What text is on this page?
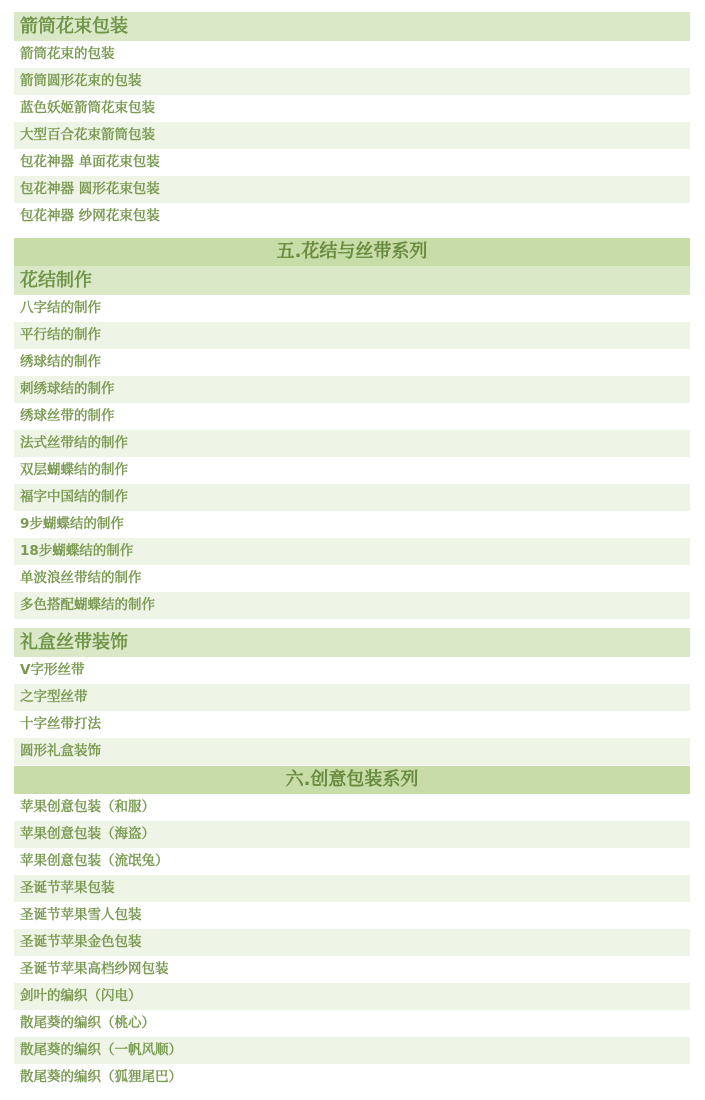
箭筒花束包装
箭筒花束的包装
箭筒圆形花束的包装
蓝色妖姬箭筒花束包装
大型百合花束箭筒包装
包花神器 单面花束包装
包花神器 圆形花束包装
包花神器 纱网花束包装
五.花结与丝带系列
花结制作
八字结的制作
平行结的制作
绣球结的制作
刺绣球结的制作
绣球丝带的制作
法式丝带结的制作
双层蝴蝶结的制作
福字中国结的制作
9步蝴蝶结的制作
18步蝴蝶结的制作
单波浪丝带结的制作
多色搭配蝴蝶结的制作
礼盒丝带装饰
V字形丝带
之字型丝带
十字丝带打法
圆形礼盒装饰
六.创意包装系列
苹果创意包装（和服）
苹果创意包装（海盗）
苹果创意包装（流氓兔）
圣诞节苹果包装
圣诞节苹果雪人包装
圣诞节苹果金色包装
圣诞节苹果高档纱网包装
剑叶的编织（闪电）
散尾葵的编织（桃心）
散尾葵的编织（一帆风顺）
散尾葵的编织（狐狸尾巴）
